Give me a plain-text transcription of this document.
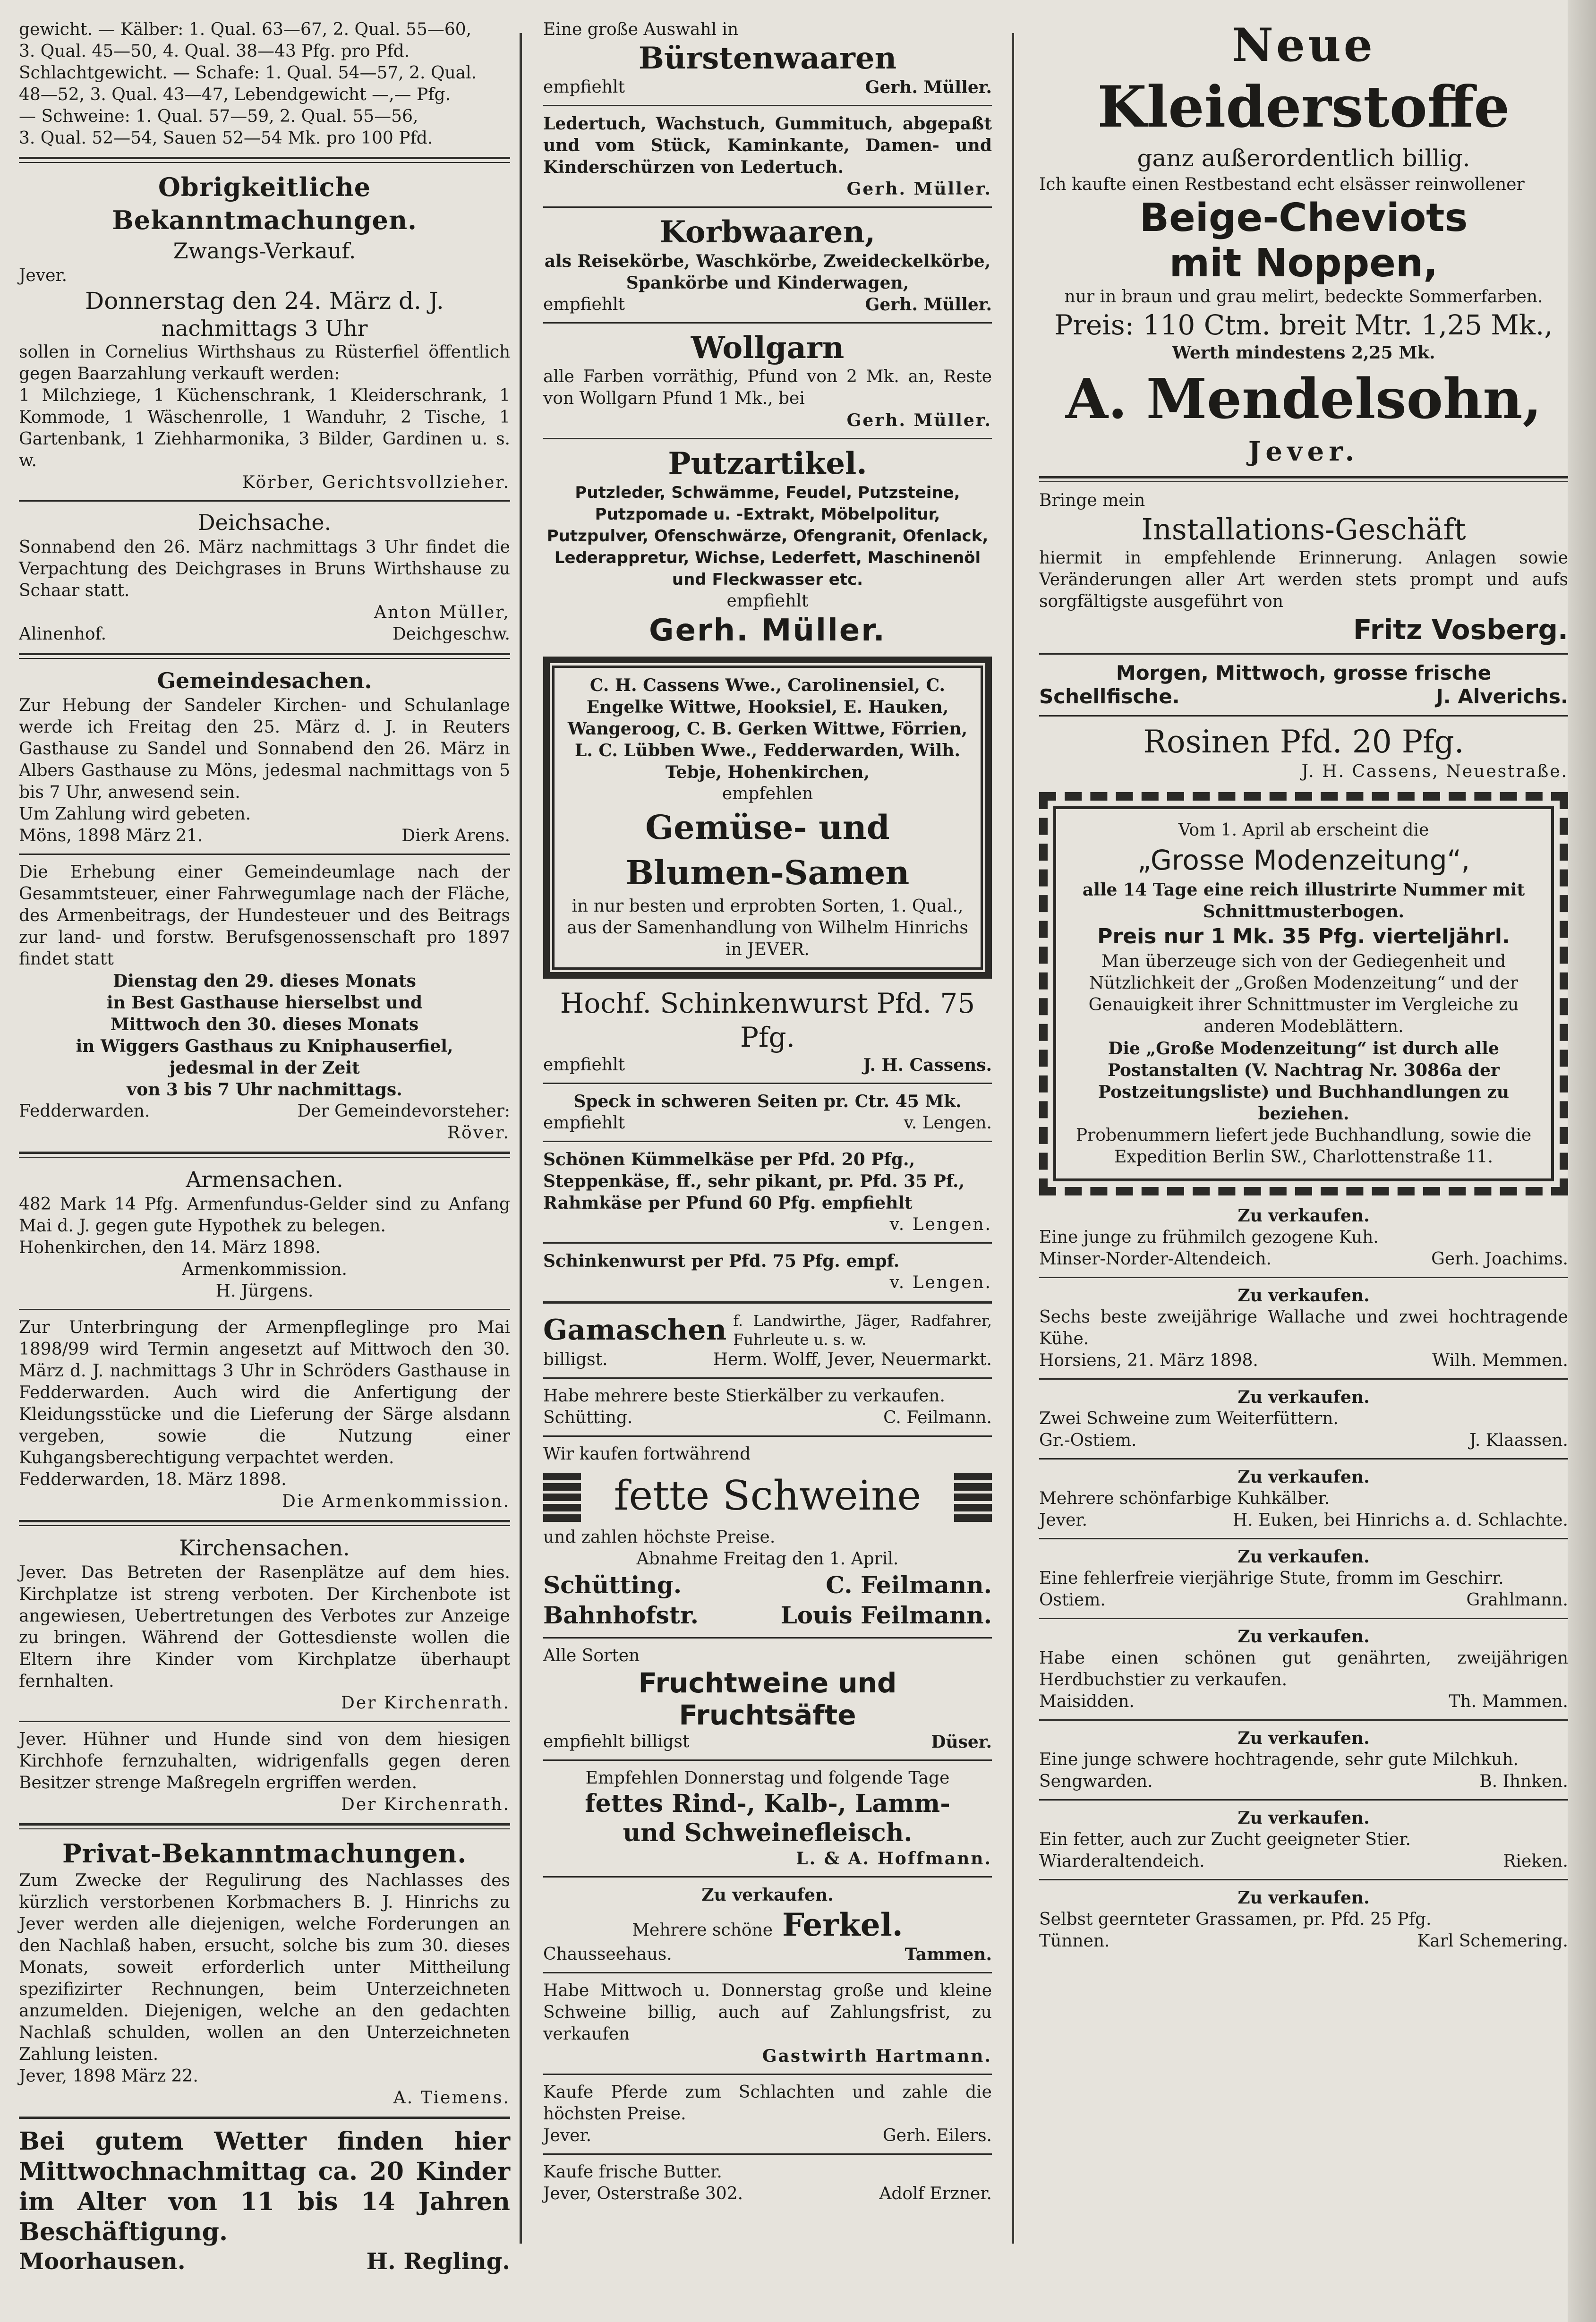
gewicht. — Kälber: 1. Qual. 63—67, 2. Qual. 55—60,

3. Qual. 45—50, 4. Qual. 38—43 Pfg. pro Pfd.

Schlachtgewicht. — Schafe: 1. Qual. 54—57, 2. Qual.

48—52, 3. Qual. 43—47, Lebendgewicht —,— Pfg.

— Schweine: 1. Qual. 57—59, 2. Qual. 55—56,

3. Qual. 52—54, Sauen 52—54 Mk. pro 100 Pfd.

Obrigkeitliche Bekanntmachungen.

Zwangs-Verkauf.

Jever.

Donnerstag den 24. März d. J.

nachmittags 3 Uhr

sollen in Cornelius Wirthshaus zu Rüsterfiel öffentlich gegen Baarzahlung verkauft werden:

1 Milchziege, 1 Küchenschrank, 1 Kleiderschrank, 1 Kommode, 1 Wäschenrolle, 1 Wanduhr, 2 Tische, 1 Gartenbank, 1 Ziehharmonika, 3 Bilder, Gardinen u. s. w.

Körber, Gerichtsvollzieher.

Deichsache.

Sonnabend den 26. März nachmittags 3 Uhr findet die Verpachtung des Deichgrases in Bruns Wirthshause zu Schaar statt.

Anton Müller,

Alinenhof.	Deichgeschw.

Gemeindesachen.

Zur Hebung der Sandeler Kirchen- und Schulanlage werde ich Freitag den 25. März d. J. in Reuters Gasthause zu Sandel und Sonnabend den 26. März in Albers Gasthause zu Möns, jedesmal nachmittags von 5 bis 7 Uhr, anwesend sein.

Um Zahlung wird gebeten.

Möns, 1898 März 21.	Dierk Arens.

Die Erhebung einer Gemeindeumlage nach der Gesammtsteuer, einer Fahrwegumlage nach der Fläche, des Armenbeitrags, der Hundesteuer und des Beitrags zur land- und forstw. Berufsgenossenschaft pro 1897 findet statt

Dienstag den 29. dieses Monats

in Best Gasthause hierselbst und

Mittwoch den 30. dieses Monats

in Wiggers Gasthaus zu Kniphauserfiel,

jedesmal in der Zeit

von 3 bis 7 Uhr nachmittags.

Fedderwarden.	Der Gemeindevorsteher:

Röver.

Armensachen.

482 Mark 14 Pfg. Armenfundus-Gelder sind zu Anfang Mai d. J. gegen gute Hypothek zu belegen.

Hohenkirchen, den 14. März 1898.

Armenkommission.

H. Jürgens.

Zur Unterbringung der Armenpfleglinge pro Mai 1898/99 wird Termin angesetzt auf Mittwoch den 30. März d. J. nachmittags 3 Uhr in Schröders Gasthause in Fedderwarden. Auch wird die Anfertigung der Kleidungsstücke und die Lieferung der Särge alsdann vergeben, sowie die Nutzung einer Kuhgangsberechtigung verpachtet werden.

Fedderwarden, 18. März 1898.

Die Armenkommission.

Kirchensachen.

Jever. Das Betreten der Rasenplätze auf dem hies. Kirchplatze ist streng verboten. Der Kirchenbote ist angewiesen, Uebertretungen des Verbotes zur Anzeige zu bringen. Während der Gottesdienste wollen die Eltern ihre Kinder vom Kirchplatze überhaupt fernhalten.

Der Kirchenrath.

Jever. Hühner und Hunde sind von dem hiesigen Kirchhofe fernzuhalten, widrigenfalls gegen deren Besitzer strenge Maßregeln ergriffen werden.

Der Kirchenrath.

Privat-Bekanntmachungen.

Zum Zwecke der Regulirung des Nachlasses des kürzlich verstorbenen Korbmachers B. J. Hinrichs zu Jever werden alle diejenigen, welche Forderungen an den Nachlaß haben, ersucht, solche bis zum 30. dieses Monats, soweit erforderlich unter Mittheilung spezifizirter Rechnungen, beim Unterzeichneten anzumelden. Diejenigen, welche an den gedachten Nachlaß schulden, wollen an den Unterzeichneten Zahlung leisten.

Jever, 1898 März 22.

A. Tiemens.

Bei gutem Wetter finden hier

Mittwochnachmittag ca. 20 Kinder

im Alter von 11 bis 14 Jahren

Beschäftigung.

Moorhausen.	H. Regling.

Eine große Auswahl in

Bürstenwaaren

empfiehlt	Gerh. Müller.

Ledertuch, Wachstuch, Gummituch, abgepaßt und vom Stück, Kaminkante, Damen- und Kinderschürzen von Ledertuch.

Gerh. Müller.

Korbwaaren,

als Reisekörbe, Waschkörbe, Zweideckelkörbe, Spankörbe und Kinderwagen,

empfiehlt	Gerh. Müller.

Wollgarn

alle Farben vorräthig, Pfund von 2 Mk. an, Reste von Wollgarn Pfund 1 Mk., bei

Gerh. Müller.

Putzartikel.

Putzleder, Schwämme, Feudel, Putzsteine, Putzpomade u. -Extrakt, Möbelpolitur, Putzpulver, Ofenschwärze, Ofengranit, Ofenlack, Lederappretur, Wichse, Lederfett, Maschinenöl und Fleckwasser etc.

empfiehlt

Gerh. Müller.

C. H. Cassens Wwe., Carolinensiel, C. Engelke Wittwe, Hooksiel, E. Hauken, Wangeroog, C. B. Gerken Wittwe, Förrien, L. C. Lübben Wwe., Fedderwarden, Wilh. Tebje, Hohenkirchen,

empfehlen

Gemüse- und

Blumen-Samen

in nur besten und erprobten Sorten, 1. Qual., aus der Samenhandlung von Wilhelm Hinrichs in JEVER.

Hochf. Schinkenwurst Pfd. 75 Pfg.

empfiehlt	J. H. Cassens.

Speck in schweren Seiten pr. Ctr. 45 Mk.

empfiehlt	v. Lengen.

Schönen Kümmelkäse per Pfd. 20 Pfg.,

Steppenkäse, ff., sehr pikant, pr. Pfd. 35 Pf.,

Rahmkäse per Pfund 60 Pfg. empfiehlt

v. Lengen.

Schinkenwurst per Pfd. 75 Pfg. empf.

v. Lengen.

Gamaschen f. Landwirthe, Jäger, Radfahrer, Fuhrleute u. s. w.
billigst.	Herm. Wolff, Jever, Neuermarkt.

Habe mehrere beste Stierkälber zu verkaufen.

Schütting.	C. Feilmann.

Wir kaufen fortwährend

fette Schweine

und zahlen höchste Preise.

Abnahme Freitag den 1. April.

Schütting.	C. Feilmann.
Bahnhofstr.	Louis Feilmann.

Alle Sorten

Fruchtweine und

Fruchtsäfte

empfiehlt billigst	Düser.

Empfehlen Donnerstag und folgende Tage

fettes Rind-, Kalb-, Lamm-

und Schweinefleisch.

L. & A. Hoffmann.

Zu verkaufen.

Mehrere schöne Ferkel.
Chausseehaus.	Tammen.

Habe Mittwoch u. Donnerstag große und kleine Schweine billig, auch auf Zahlungsfrist, zu verkaufen

Gastwirth Hartmann.

Kaufe Pferde zum Schlachten und zahle die höchsten Preise.

Jever.	Gerh. Eilers.

Kaufe frische Butter.

Jever, Osterstraße 302.	Adolf Erzner.

Neue

Kleiderstoffe

ganz außerordentlich billig.

Ich kaufte einen Restbestand echt elsässer reinwollener

Beige-Cheviots

mit Noppen,

nur in braun und grau melirt, bedeckte Sommerfarben.

Preis: 110 Ctm. breit Mtr. 1,25 Mk.,

Werth mindestens 2,25 Mk.

A. Mendelsohn,

Jever.

Bringe mein

Installations-Geschäft

hiermit in empfehlende Erinnerung. Anlagen sowie Veränderungen aller Art werden stets prompt und aufs sorgfältigste ausgeführt von

Fritz Vosberg.

Morgen, Mittwoch, grosse frische

Schellfische.	J. Alverichs.

Rosinen Pfd. 20 Pfg.

J. H. Cassens, Neuestraße.

Vom 1. April ab erscheint die

„Grosse Modenzeitung“,

alle 14 Tage eine reich illustrirte Nummer mit Schnittmusterbogen.

Preis nur 1 Mk. 35 Pfg. vierteljährl.

Man überzeuge sich von der Gediegenheit und Nützlichkeit der „Großen Modenzeitung“ und der Genauigkeit ihrer Schnittmuster im Vergleiche zu anderen Modeblättern.

Die „Große Modenzeitung“ ist durch alle Postanstalten (V. Nachtrag Nr. 3086a der Postzeitungsliste) und Buchhandlungen zu beziehen.

Probenummern liefert jede Buchhandlung, sowie die Expedition Berlin SW., Charlottenstraße 11.

Zu verkaufen.

Eine junge zu frühmilch gezogene Kuh.

Minser-Norder-Altendeich.	Gerh. Joachims.

Zu verkaufen.

Sechs beste zweijährige Wallache und zwei hochtragende Kühe.

Horsiens, 21. März 1898.	Wilh. Memmen.

Zu verkaufen.

Zwei Schweine zum Weiterfüttern.

Gr.-Ostiem.	J. Klaassen.

Zu verkaufen.

Mehrere schönfarbige Kuhkälber.

Jever.	H. Euken, bei Hinrichs a. d. Schlachte.

Zu verkaufen.

Eine fehlerfreie vierjährige Stute, fromm im Geschirr.

Ostiem.	Grahlmann.

Zu verkaufen.

Habe einen schönen gut genährten, zweijährigen Herdbuchstier zu verkaufen.

Maisidden.	Th. Mammen.

Zu verkaufen.

Eine junge schwere hochtragende, sehr gute Milchkuh.

Sengwarden.	B. Ihnken.

Zu verkaufen.

Ein fetter, auch zur Zucht geeigneter Stier.

Wiarderaltendeich.	Rieken.

Zu verkaufen.

Selbst geernteter Grassamen, pr. Pfd. 25 Pfg.

Tünnen.	Karl Schemering.
